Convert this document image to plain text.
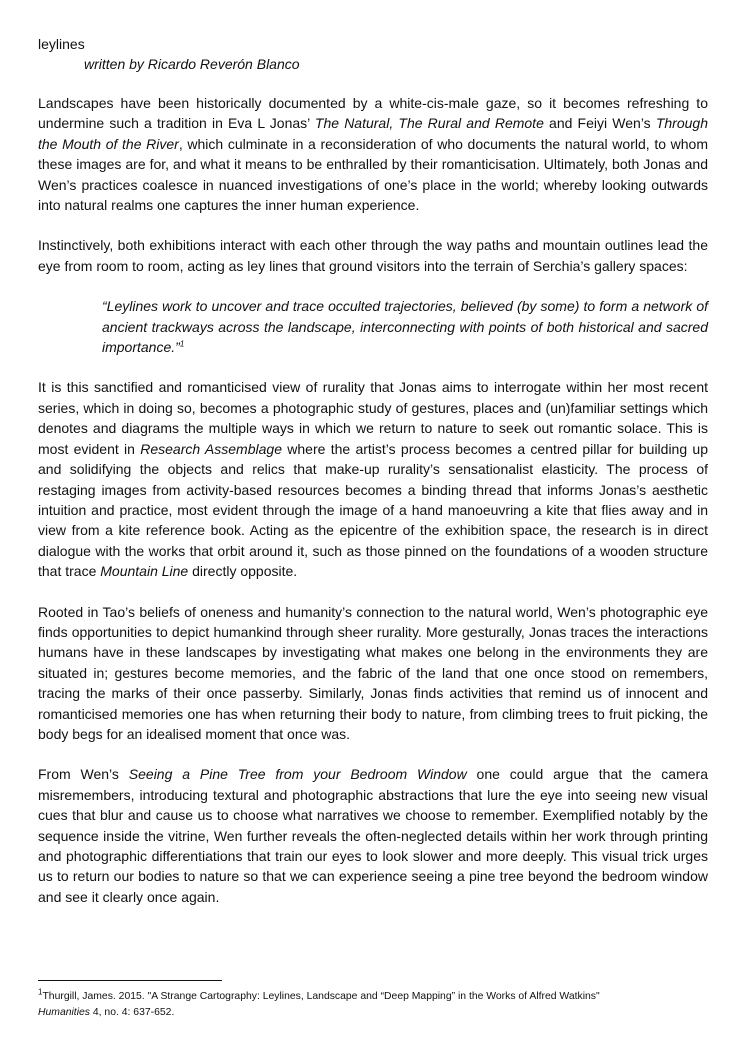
leylines

written by Ricardo Reverón Blanco

Landscapes have been historically documented by a white-cis-male gaze, so it becomes refreshing to undermine such a tradition in Eva L Jonas’ The Natural, The Rural and Remote and Feiyi Wen’s Through the Mouth of the River, which culminate in a reconsideration of who documents the natural world, to whom these images are for, and what it means to be enthralled by their romanticisation. Ultimately, both Jonas and Wen’s practices coalesce in nuanced investigations of one’s place in the world; whereby looking outwards into natural realms one captures the inner human experience.

Instinctively, both exhibitions interact with each other through the way paths and mountain outlines lead the eye from room to room, acting as ley lines that ground visitors into the terrain of Serchia’s gallery spaces:

“Leylines work to uncover and trace occulted trajectories, believed (by some) to form a network of ancient trackways across the landscape, interconnecting with points of both historical and sacred importance.”$^1$

It is this sanctified and romanticised view of rurality that Jonas aims to interrogate within her most recent series, which in doing so, becomes a photographic study of gestures, places and (un)familiar settings which denotes and diagrams the multiple ways in which we return to nature to seek out romantic solace. This is most evident in Research Assemblage where the artist’s process becomes a centred pillar for building up and solidifying the objects and relics that make-up rurality’s sensationalist elasticity. The process of restaging images from activity-based resources becomes a binding thread that informs Jonas’s aesthetic intuition and practice, most evident through the image of a hand manoeuvring a kite that flies away and in view from a kite reference book. Acting as the epicentre of the exhibition space, the research is in direct dialogue with the works that orbit around it, such as those pinned on the foundations of a wooden structure that trace Mountain Line directly opposite.

Rooted in Tao’s beliefs of oneness and humanity’s connection to the natural world, Wen’s photographic eye finds opportunities to depict humankind through sheer rurality. More gesturally, Jonas traces the interactions humans have in these landscapes by investigating what makes one belong in the environments they are situated in; gestures become memories, and the fabric of the land that one once stood on remembers, tracing the marks of their once passerby. Similarly, Jonas finds activities that remind us of innocent and romanticised memories one has when returning their body to nature, from climbing trees to fruit picking, the body begs for an idealised moment that once was.

From Wen’s Seeing a Pine Tree from your Bedroom Window one could argue that the camera misremembers, introducing textural and photographic abstractions that lure the eye into seeing new visual cues that blur and cause us to choose what narratives we choose to remember. Exemplified notably by the sequence inside the vitrine, Wen further reveals the often-neglected details within her work through printing and photographic differentiations that train our eyes to look slower and more deeply. This visual trick urges us to return our bodies to nature so that we can experience seeing a pine tree beyond the bedroom window and see it clearly once again.

$^1$Thurgill, James. 2015. "A Strange Cartography: Leylines, Landscape and “Deep Mapping” in the Works of Alfred Watkins"
Humanities 4, no. 4: 637-652.
